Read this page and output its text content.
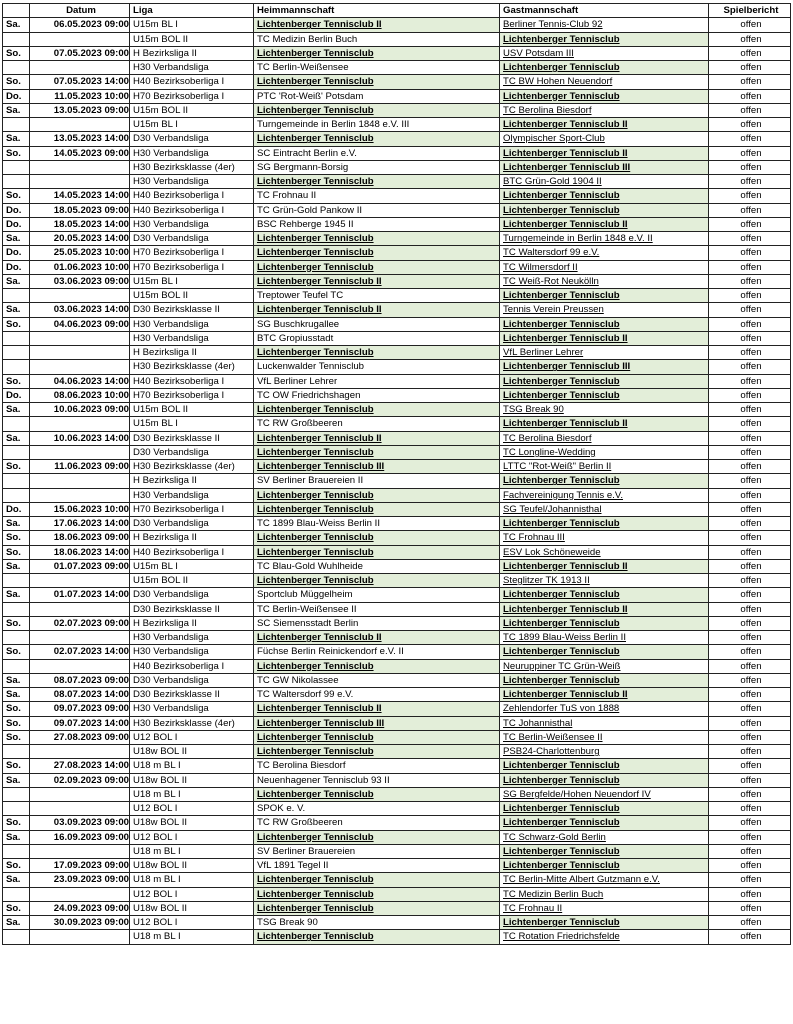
	Datum	Liga	Heimmannschaft	Gastmannschaft	Spielbericht
Sa.	06.05.2023 09:00	U15m BL I	Lichtenberger Tennisclub II	Berliner Tennis-Club 92	offen
		U15m BOL II	TC Medizin Berlin Buch	Lichtenberger Tennisclub	offen
So.	07.05.2023 09:00	H Bezirksliga II	Lichtenberger Tennisclub	USV Potsdam III	offen
		H30 Verbandsliga	TC Berlin-Weißensee	Lichtenberger Tennisclub	offen
So.	07.05.2023 14:00	H40 Bezirksoberliga I	Lichtenberger Tennisclub	TC BW Hohen Neuendorf	offen
Do.	11.05.2023 10:00	H70 Bezirksoberliga I	PTC 'Rot-Weiß' Potsdam	Lichtenberger Tennisclub	offen
Sa.	13.05.2023 09:00	U15m BOL II	Lichtenberger Tennisclub	TC Berolina Biesdorf	offen
		U15m BL I	Turngemeinde in Berlin 1848 e.V. III	Lichtenberger Tennisclub II	offen
Sa.	13.05.2023 14:00	D30 Verbandsliga	Lichtenberger Tennisclub	Olympischer Sport-Club	offen
So.	14.05.2023 09:00	H30 Verbandsliga	SC Eintracht Berlin e.V.	Lichtenberger Tennisclub II	offen
		H30 Bezirksklasse (4er)	SG Bergmann-Borsig	Lichtenberger Tennisclub III	offen
		H30 Verbandsliga	Lichtenberger Tennisclub	BTC Grün-Gold 1904 II	offen
So.	14.05.2023 14:00	H40 Bezirksoberliga I	TC Frohnau II	Lichtenberger Tennisclub	offen
Do.	18.05.2023 09:00	H40 Bezirksoberliga I	TC Grün-Gold Pankow II	Lichtenberger Tennisclub	offen
Do.	18.05.2023 14:00	H30 Verbandsliga	BSC Rehberge 1945 II	Lichtenberger Tennisclub II	offen
Sa.	20.05.2023 14:00	D30 Verbandsliga	Lichtenberger Tennisclub	Turngemeinde in Berlin 1848 e.V. II	offen
Do.	25.05.2023 10:00	H70 Bezirksoberliga I	Lichtenberger Tennisclub	TC Waltersdorf 99 e.V.	offen
Do.	01.06.2023 10:00	H70 Bezirksoberliga I	Lichtenberger Tennisclub	TC Wilmersdorf II	offen
Sa.	03.06.2023 09:00	U15m BL I	Lichtenberger Tennisclub II	TC Weiß-Rot Neukölln	offen
		U15m BOL II	Treptower Teufel TC	Lichtenberger Tennisclub	offen
Sa.	03.06.2023 14:00	D30 Bezirksklasse II	Lichtenberger Tennisclub II	Tennis Verein Preussen	offen
So.	04.06.2023 09:00	H30 Verbandsliga	SG Buschkrugallee	Lichtenberger Tennisclub	offen
		H30 Verbandsliga	BTC Gropiusstadt	Lichtenberger Tennisclub II	offen
		H Bezirksliga II	Lichtenberger Tennisclub	VfL Berliner Lehrer	offen
		H30 Bezirksklasse (4er)	Luckenwalder Tennisclub	Lichtenberger Tennisclub III	offen
So.	04.06.2023 14:00	H40 Bezirksoberliga I	VfL Berliner Lehrer	Lichtenberger Tennisclub	offen
Do.	08.06.2023 10:00	H70 Bezirksoberliga I	TC OW Friedrichshagen	Lichtenberger Tennisclub	offen
Sa.	10.06.2023 09:00	U15m BOL II	Lichtenberger Tennisclub	TSG Break 90	offen
		U15m BL I	TC RW Großbeeren	Lichtenberger Tennisclub II	offen
Sa.	10.06.2023 14:00	D30 Bezirksklasse II	Lichtenberger Tennisclub II	TC Berolina Biesdorf	offen
		D30 Verbandsliga	Lichtenberger Tennisclub	TC Longline-Wedding	offen
So.	11.06.2023 09:00	H30 Bezirksklasse (4er)	Lichtenberger Tennisclub III	LTTC "Rot-Weiß" Berlin II	offen
		H Bezirksliga II	SV Berliner Brauereien II	Lichtenberger Tennisclub	offen
		H30 Verbandsliga	Lichtenberger Tennisclub	Fachvereinigung Tennis e.V.	offen
Do.	15.06.2023 10:00	H70 Bezirksoberliga I	Lichtenberger Tennisclub	SG Teufel/Johannisthal	offen
Sa.	17.06.2023 14:00	D30 Verbandsliga	TC 1899 Blau-Weiss Berlin II	Lichtenberger Tennisclub	offen
So.	18.06.2023 09:00	H Bezirksliga II	Lichtenberger Tennisclub	TC Frohnau III	offen
So.	18.06.2023 14:00	H40 Bezirksoberliga I	Lichtenberger Tennisclub	ESV Lok Schöneweide	offen
Sa.	01.07.2023 09:00	U15m BL I	TC Blau-Gold Wuhlheide	Lichtenberger Tennisclub II	offen
		U15m BOL II	Lichtenberger Tennisclub	Steglitzer TK 1913 II	offen
Sa.	01.07.2023 14:00	D30 Verbandsliga	Sportclub Müggelheim	Lichtenberger Tennisclub	offen
		D30 Bezirksklasse II	TC Berlin-Weißensee II	Lichtenberger Tennisclub II	offen
So.	02.07.2023 09:00	H Bezirksliga II	SC Siemensstadt Berlin	Lichtenberger Tennisclub	offen
		H30 Verbandsliga	Lichtenberger Tennisclub II	TC 1899 Blau-Weiss Berlin II	offen
So.	02.07.2023 14:00	H30 Verbandsliga	Füchse Berlin Reinickendorf e.V. II	Lichtenberger Tennisclub	offen
		H40 Bezirksoberliga I	Lichtenberger Tennisclub	Neuruppiner TC Grün-Weiß	offen
Sa.	08.07.2023 09:00	D30 Verbandsliga	TC GW Nikolassee	Lichtenberger Tennisclub	offen
Sa.	08.07.2023 14:00	D30 Bezirksklasse II	TC Waltersdorf 99 e.V.	Lichtenberger Tennisclub II	offen
So.	09.07.2023 09:00	H30 Verbandsliga	Lichtenberger Tennisclub II	Zehlendorfer TuS von 1888	offen
So.	09.07.2023 14:00	H30 Bezirksklasse (4er)	Lichtenberger Tennisclub III	TC Johannisthal	offen
So.	27.08.2023 09:00	U12 BOL I	Lichtenberger Tennisclub	TC Berlin-Weißensee II	offen
		U18w BOL II	Lichtenberger Tennisclub	PSB24-Charlottenburg	offen
So.	27.08.2023 14:00	U18 m BL I	TC Berolina Biesdorf	Lichtenberger Tennisclub	offen
Sa.	02.09.2023 09:00	U18w BOL II	Neuenhagener Tennisclub 93 II	Lichtenberger Tennisclub	offen
		U18 m BL I	Lichtenberger Tennisclub	SG Bergfelde/Hohen Neuendorf IV	offen
		U12 BOL I	SPOK e. V.	Lichtenberger Tennisclub	offen
So.	03.09.2023 09:00	U18w BOL II	TC RW Großbeeren	Lichtenberger Tennisclub	offen
Sa.	16.09.2023 09:00	U12 BOL I	Lichtenberger Tennisclub	TC Schwarz-Gold Berlin	offen
		U18 m BL I	SV Berliner Brauereien	Lichtenberger Tennisclub	offen
So.	17.09.2023 09:00	U18w BOL II	VfL 1891 Tegel II	Lichtenberger Tennisclub	offen
Sa.	23.09.2023 09:00	U18 m BL I	Lichtenberger Tennisclub	TC Berlin-Mitte Albert Gutzmann e.V.	offen
		U12 BOL I	Lichtenberger Tennisclub	TC Medizin Berlin Buch	offen
So.	24.09.2023 09:00	U18w BOL II	Lichtenberger Tennisclub	TC Frohnau II	offen
Sa.	30.09.2023 09:00	U12 BOL I	TSG Break 90	Lichtenberger Tennisclub	offen
		U18 m BL I	Lichtenberger Tennisclub	TC Rotation Friedrichsfelde	offen
